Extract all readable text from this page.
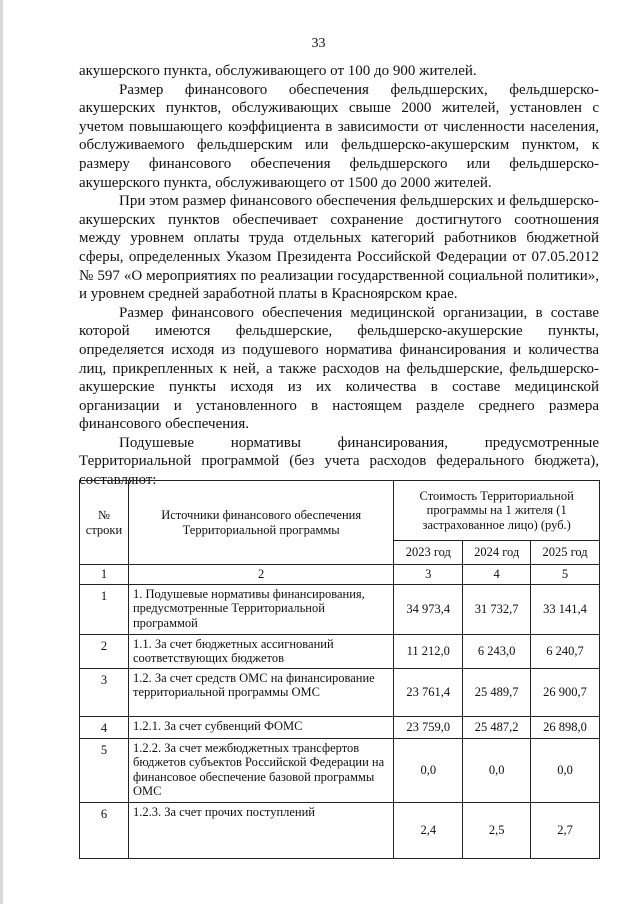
33

акушерского пункта, обслуживающего от 100 до 900 жителей.

Размер финансового обеспечения фельдшерских, фельдшерско-акушерских пунктов, обслуживающих свыше 2000 жителей, установлен с учетом повышающего коэффициента в зависимости от численности населения, обслуживаемого фельдшерским или фельдшерско-акушерским пунктом, к размеру финансового обеспечения фельдшерского или фельдшерско-акушерского пункта, обслуживающего от 1500 до 2000 жителей.

При этом размер финансового обеспечения фельдшерских и фельдшерско-акушерских пунктов обеспечивает сохранение достигнутого соотношения между уровнем оплаты труда отдельных категорий работников бюджетной сферы, определенных Указом Президента Российской Федерации от 07.05.2012 № 597 «О мероприятиях по реализации государственной социальной политики», и уровнем средней заработной платы в Красноярском крае.

Размер финансового обеспечения медицинской организации, в составе которой имеются фельдшерские, фельдшерско-акушерские пункты, определяется исходя из подушевого норматива финансирования и количества лиц, прикрепленных к ней, а также расходов на фельдшерские, фельдшерско-акушерские пункты исходя из их количества в составе медицинской организации и установленного в настоящем разделе среднего размера финансового обеспечения.

Подушевые нормативы финансирования, предусмотренные Территориальной программой (без учета расходов федерального бюджета), составляют:

№ строки	Источники финансового обеспечения Территориальной программы	Стоимость Территориальной программы на 1 жителя (1 застрахованное лицо) (руб.)		
		2023 год	2024 год	2025 год
1	2	3	4	5
1	1. Подушевые нормативы финансирования, предусмотренные Территориальной программой	34 973,4	31 732,7	33 141,4
2	1.1. За счет бюджетных ассигнований соответствующих бюджетов	11 212,0	6 243,0	6 240,7
3	1.2. За счет средств ОМС на финансирование территориальной программы ОМС	23 761,4	25 489,7	26 900,7
4	1.2.1. За счет субвенций ФОМС	23 759,0	25 487,2	26 898,0
5	1.2.2. За счет межбюджетных трансфертов бюджетов субъектов Российской Федерации на финансовое обеспечение базовой программы ОМС	0,0	0,0	0,0
6	1.2.3. За счет прочих поступлений	2,4	2,5	2,7
